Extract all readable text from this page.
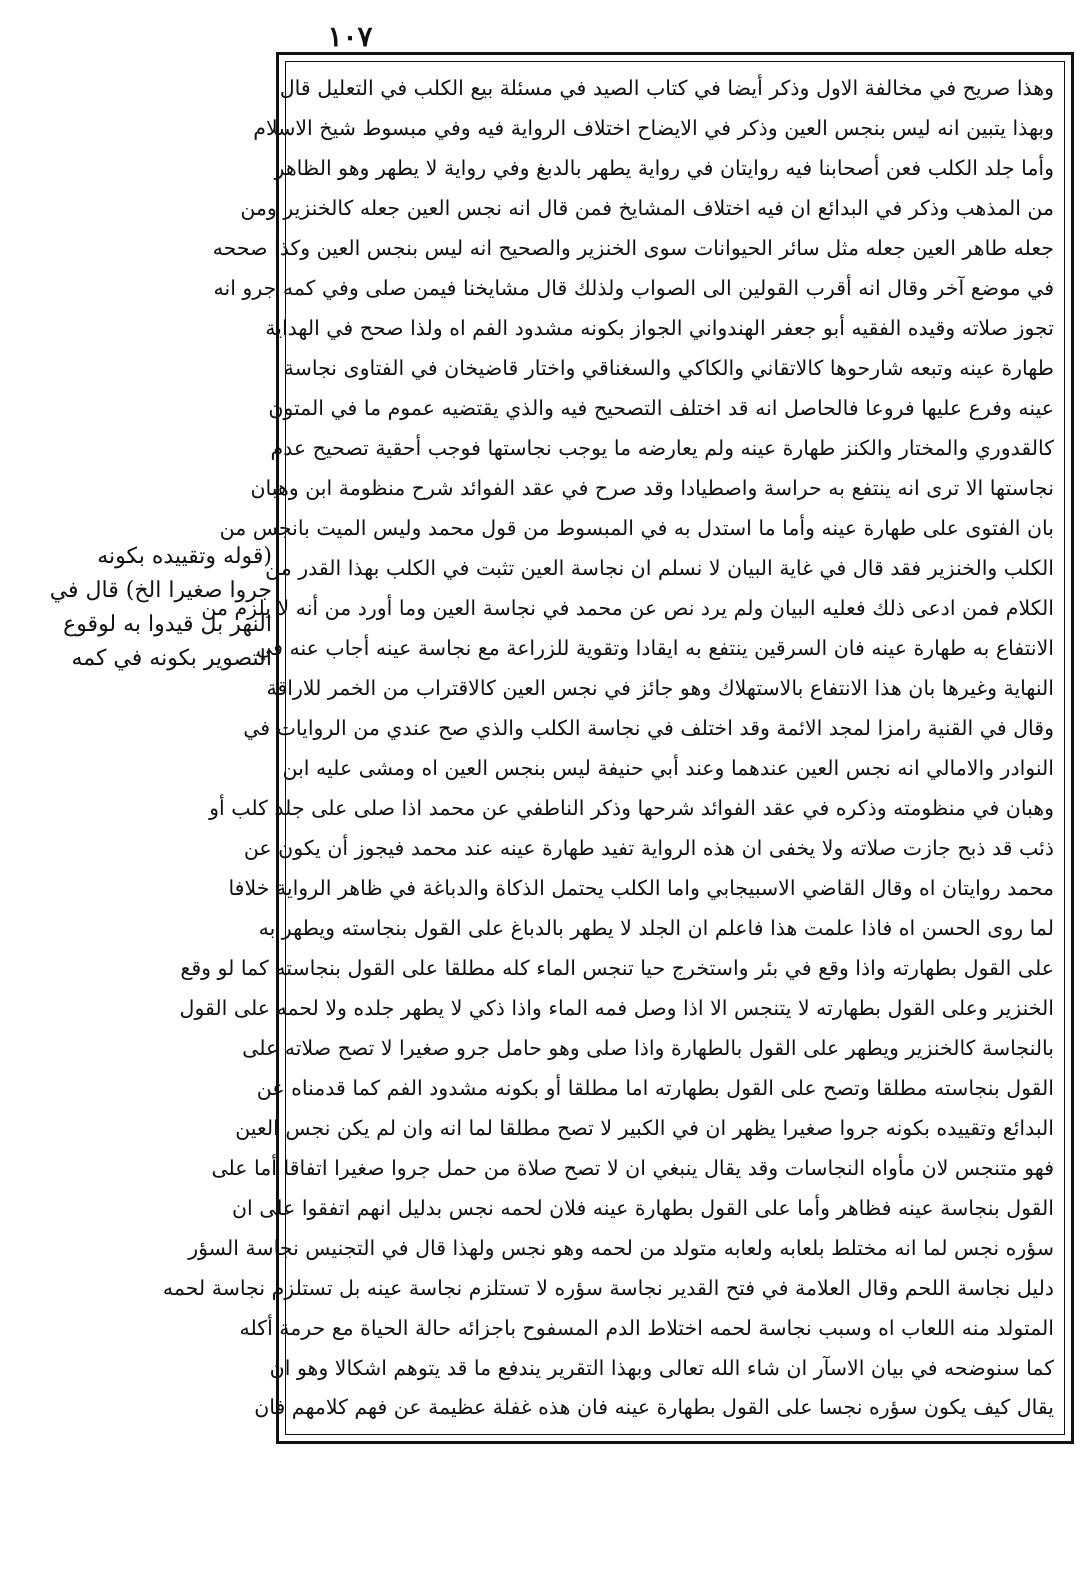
١٠٧
وهذا صريح في مخالفة الاول وذكر أيضا في كتاب الصيد في مسئلة بيع الكلب في التعليل قال
وبهذا يتبين انه ليس بنجس العين وذكر في الايضاح اختلاف الرواية فيه وفي مبسوط شيخ الاسلام
وأما جلد الكلب فعن أصحابنا فيه روايتان في رواية يطهر بالدبغ وفي رواية لا يطهر وهو الظاهر
من المذهب وذكر في البدائع ان فيه اختلاف المشايخ فمن قال انه نجس العين جعله كالخنزير ومن
جعله طاهر العين جعله مثل سائر الحيوانات سوى الخنزير والصحيح انه ليس بنجس العين وكذا صححه
في موضع آخر وقال انه أقرب القولين الى الصواب ولذلك قال مشايخنا فيمن صلى وفي كمه جرو انه
تجوز صلاته وقيده الفقيه أبو جعفر الهندواني الجواز بكونه مشدود الفم اه ولذا صحح في الهداية
طهارة عينه وتبعه شارحوها كالاتقاني والكاكي والسغناقي واختار قاضيخان في الفتاوى نجاسة
عينه وفرع عليها فروعا فالحاصل انه قد اختلف التصحيح فيه والذي يقتضيه عموم ما في المتون
كالقدوري والمختار والكنز طهارة عينه ولم يعارضه ما يوجب نجاستها فوجب أحقية تصحيح عدم
نجاستها الا ترى انه ينتفع به حراسة واصطيادا وقد صرح في عقد الفوائد شرح منظومة ابن وهبان
بان الفتوى على طهارة عينه وأما ما استدل به في المبسوط من قول محمد وليس الميت بانجس من
الكلب والخنزير فقد قال في غاية البيان لا نسلم ان نجاسة العين تثبت في الكلب بهذا القدر من
الكلام فمن ادعى ذلك فعليه البيان ولم يرد نص عن محمد في نجاسة العين وما أورد من أنه لا يلزم من
الانتفاع به طهارة عينه فان السرقين ينتفع به ايقادا وتقوية للزراعة مع نجاسة عينه أجاب عنه في
النهاية وغيرها بان هذا الانتفاع بالاستهلاك وهو جائز في نجس العين كالاقتراب من الخمر للاراقة
وقال في القنية رامزا لمجد الائمة وقد اختلف في نجاسة الكلب والذي صح عندي من الروايات في
النوادر والامالي انه نجس العين عندهما وعند أبي حنيفة ليس بنجس العين اه ومشى عليه ابن
وهبان في منظومته وذكره في عقد الفوائد شرحها وذكر الناطفي عن محمد اذا صلى على جلد كلب أو
ذئب قد ذبح جازت صلاته ولا يخفى ان هذه الرواية تفيد طهارة عينه عند محمد فيجوز أن يكون عن
محمد روايتان اه وقال القاضي الاسبيجابي واما الكلب يحتمل الذكاة والدباغة في ظاهر الرواية خلافا
لما روى الحسن اه فاذا علمت هذا فاعلم ان الجلد لا يطهر بالدباغ على القول بنجاسته ويطهر به
على القول بطهارته واذا وقع في بئر واستخرج حيا تنجس الماء كله مطلقا على القول بنجاسته كما لو وقع
الخنزير وعلى القول بطهارته لا يتنجس الا اذا وصل فمه الماء واذا ذكي لا يطهر جلده ولا لحمه على القول
بالنجاسة كالخنزير ويطهر على القول بالطهارة واذا صلى وهو حامل جرو صغيرا لا تصح صلاته على
القول بنجاسته مطلقا وتصح على القول بطهارته اما مطلقا أو بكونه مشدود الفم كما قدمناه عن
البدائع وتقييده بكونه جروا صغيرا يظهر ان في الكبير لا تصح مطلقا لما انه وان لم يكن نجس العين
فهو متنجس لان مأواه النجاسات وقد يقال ينبغي ان لا تصح صلاة من حمل جروا صغيرا اتفاقا أما على
القول بنجاسة عينه فظاهر وأما على القول بطهارة عينه فلان لحمه نجس بدليل انهم اتفقوا على ان
سؤره نجس لما انه مختلط بلعابه ولعابه متولد من لحمه وهو نجس ولهذا قال في التجنيس نجاسة السؤر
دليل نجاسة اللحم وقال العلامة في فتح القدير نجاسة سؤره لا تستلزم نجاسة عينه بل تستلزم نجاسة لحمه
المتولد منه اللعاب اه وسبب نجاسة لحمه اختلاط الدم المسفوح باجزائه حالة الحياة مع حرمة أكله
كما سنوضحه في بيان الاسآر ان شاء الله تعالى وبهذا التقرير يندفع ما قد يتوهم اشكالا وهو ان
يقال كيف يكون سؤره نجسا على القول بطهارة عينه فان هذه غفلة عظيمة عن فهم كلامهم فان
(قوله وتقييده بكونه
جروا صغيرا الخ) قال في
النهر بل قيدوا به لوقوع
التصوير بكونه في كمه
